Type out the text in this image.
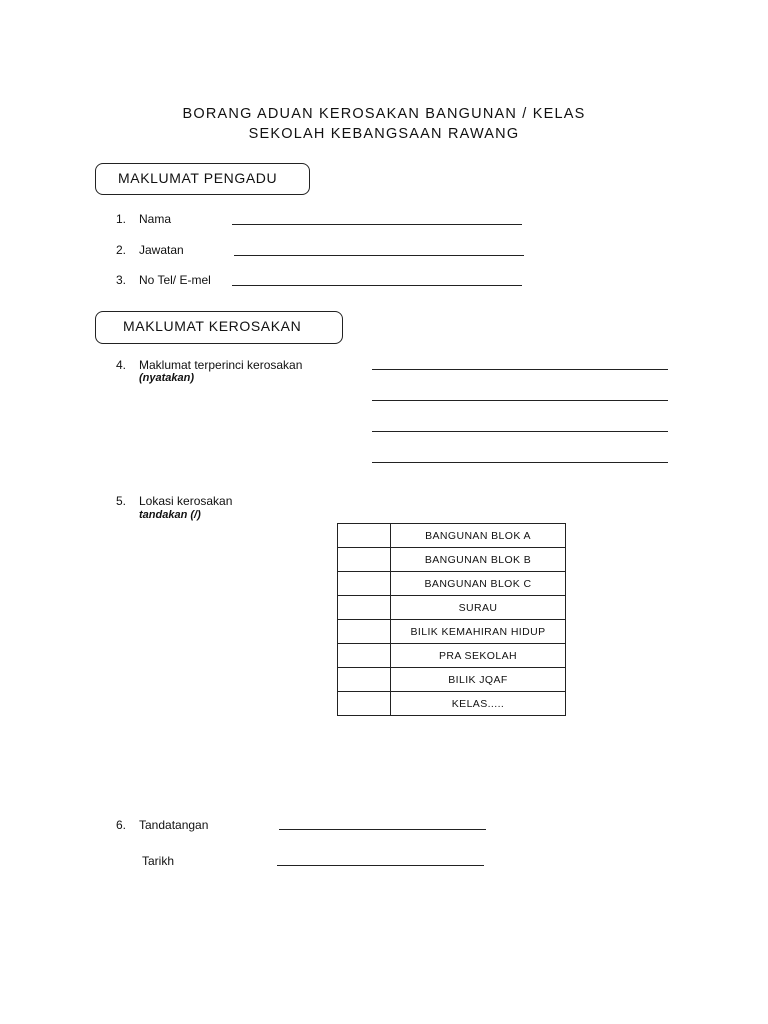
BORANG ADUAN KEROSAKAN BANGUNAN / KELAS
SEKOLAH KEBANGSAAN RAWANG
MAKLUMAT PENGADU
1. Nama
2. Jawatan
3. No Tel/ E-mel
MAKLUMAT KEROSAKAN
4. Maklumat terperinci kerosakan
(nyatakan)
5. Lokasi kerosakan
tandakan (/)
	BANGUNAN BLOK A
	BANGUNAN BLOK B
	BANGUNAN BLOK C
	SURAU
	BILIK KEMAHIRAN HIDUP
	PRA SEKOLAH
	BILIK JQAF
	KELAS.....
6. Tandatangan
Tarikh
